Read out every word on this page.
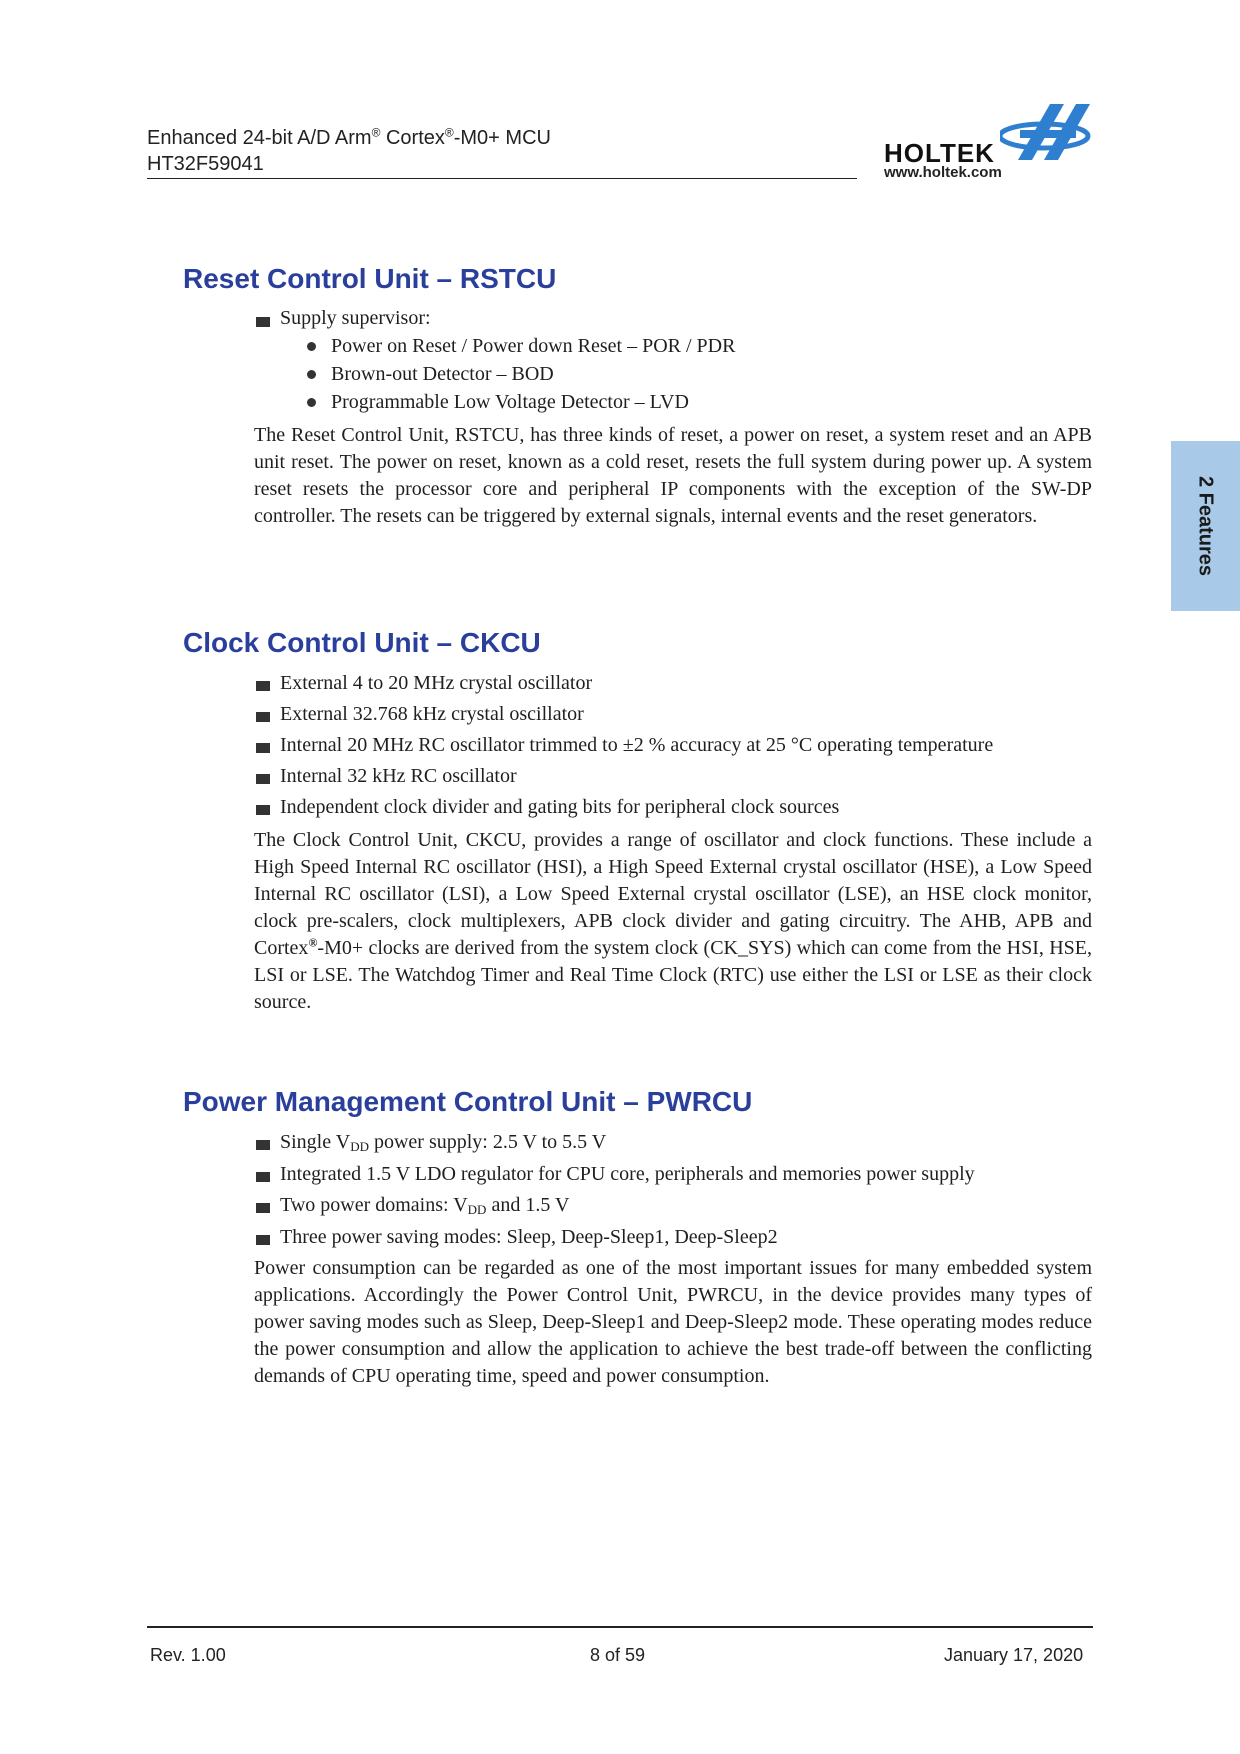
Enhanced 24-bit A/D Arm® Cortex®-M0+ MCU
HT32F59041	HOLTEK
www.holtek.com
2 Features
Reset Control Unit – RSTCU
Supply supervisor:
Power on Reset / Power down Reset – POR / PDR
Brown-out Detector – BOD
Programmable Low Voltage Detector – LVD

The Reset Control Unit, RSTCU, has three kinds of reset, a power on reset, a system reset and an APB unit reset. The power on reset, known as a cold reset, resets the full system during power up. A system reset resets the processor core and peripheral IP components with the exception of the SW-DP controller. The resets can be triggered by external signals, internal events and the reset generators.

Clock Control Unit – CKCU
External 4 to 20 MHz crystal oscillator
External 32.768 kHz crystal oscillator
Internal 20 MHz RC oscillator trimmed to ±2 % accuracy at 25 °C operating temperature
Internal 32 kHz RC oscillator
Independent clock divider and gating bits for peripheral clock sources

The Clock Control Unit, CKCU, provides a range of oscillator and clock functions. These include a High Speed Internal RC oscillator (HSI), a High Speed External crystal oscillator (HSE), a Low Speed Internal RC oscillator (LSI), a Low Speed External crystal oscillator (LSE), an HSE clock monitor, clock pre-scalers, clock multiplexers, APB clock divider and gating circuitry. The AHB, APB and Cortex®-M0+ clocks are derived from the system clock (CK_SYS) which can come from the HSI, HSE, LSI or LSE. The Watchdog Timer and Real Time Clock (RTC) use either the LSI or LSE as their clock source.

Power Management Control Unit – PWRCU
Single VDD power supply: 2.5 V to 5.5 V
Integrated 1.5 V LDO regulator for CPU core, peripherals and memories power supply
Two power domains: VDD and 1.5 V
Three power saving modes: Sleep, Deep-Sleep1, Deep-Sleep2

Power consumption can be regarded as one of the most important issues for many embedded system applications. Accordingly the Power Control Unit, PWRCU, in the device provides many types of power saving modes such as Sleep, Deep-Sleep1 and Deep-Sleep2 mode. These operating modes reduce the power consumption and allow the application to achieve the best trade-off between the conflicting demands of CPU operating time, speed and power consumption.

Rev. 1.00	8 of 59	January 17, 2020
